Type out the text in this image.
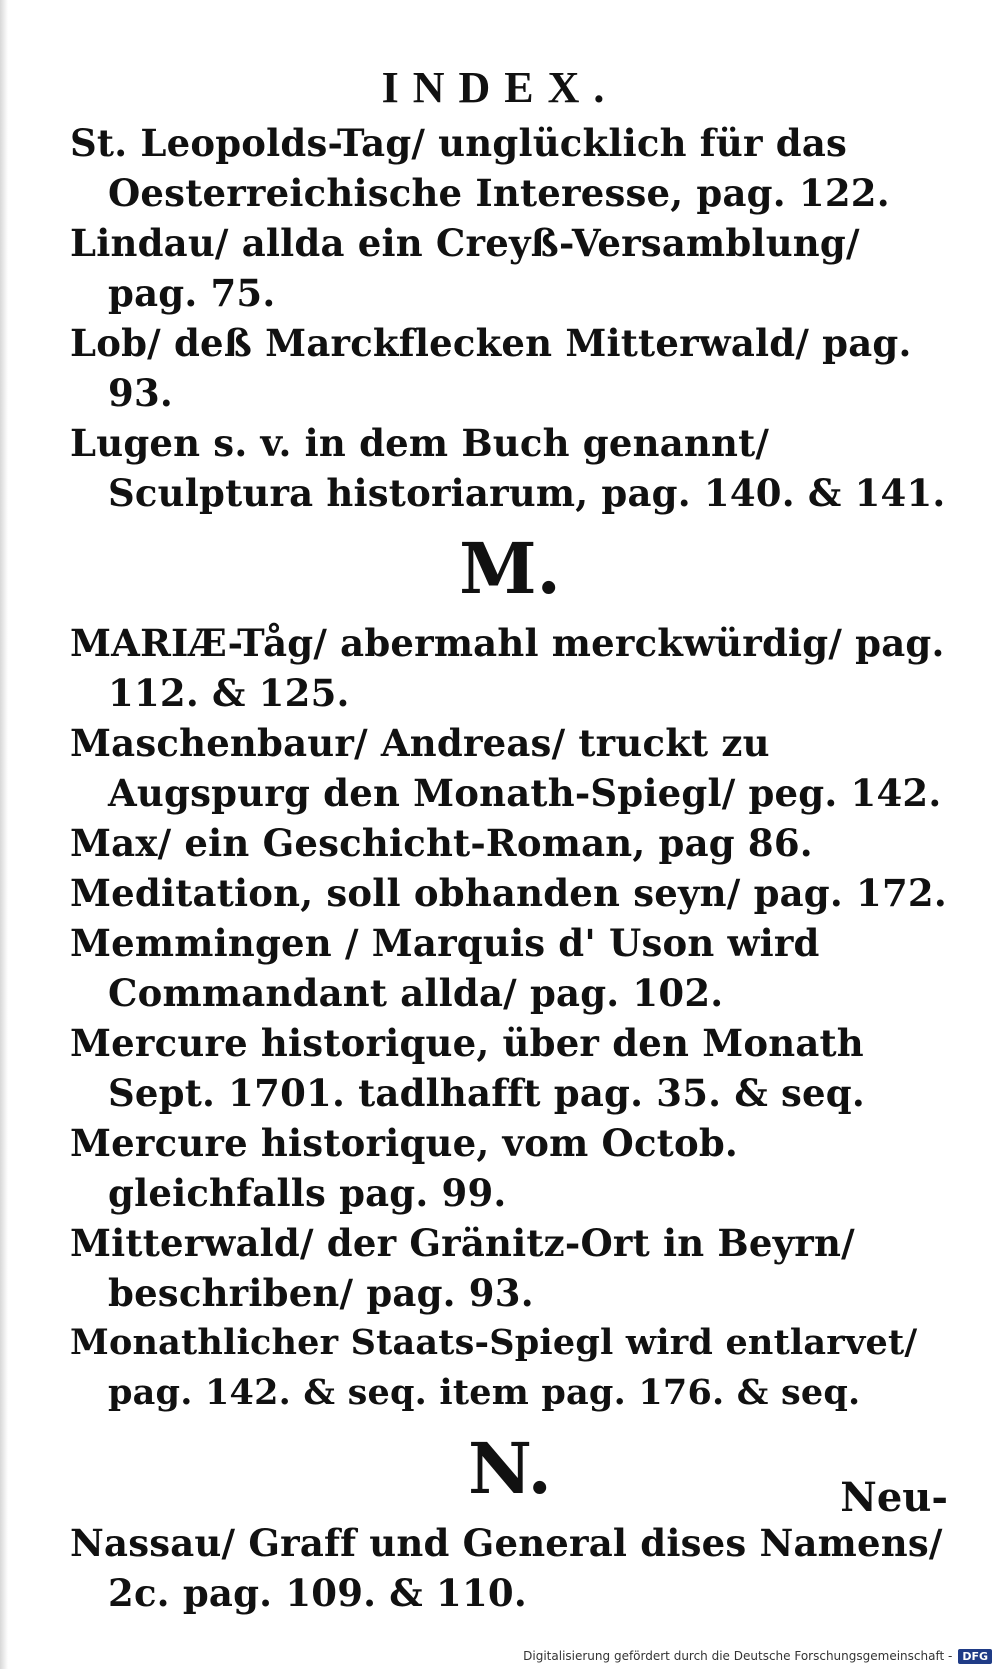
INDEX.

St. Leopolds-Tag/ unglücklich für das Oesterreichische Interesse, pag. 122.

Lindau/ allda ein Creyß-Versamblung/ pag. 75.

Lob/ deß Marckflecken Mitterwald/ pag. 93.

Lugen s. v. in dem Buch genannt/ Sculptura historiarum, pag. 140. & 141.

M.

MARIÆ-Tåg/ abermahl merckwürdig/ pag. 112. & 125.

Maschenbaur/ Andreas/ truckt zu Augspurg den Monath-Spiegl/ peg. 142.

Max/ ein Geschicht-Roman, pag 86.

Meditation, soll obhanden seyn/ pag. 172.

Memmingen / Marquis d' Uson wird Commandant allda/ pag. 102.

Mercure historique, über den Monath Sept. 1701. tadlhafft pag. 35. & seq.

Mercure historique, vom Octob. gleichfalls pag. 99.

Mitterwald/ der Gränitz-Ort in Beyrn/ beschriben/ pag. 93.

Monathlicher Staats-Spiegl wird entlarvet/ pag. 142. & seq. item pag. 176. & seq.

N.

Nassau/ Graff und General dises Namens/ 2c. pag. 109. & 110.

Neu-
Digitalisierung gefördert durch die Deutsche Forschungsgemeinschaft - DFG
